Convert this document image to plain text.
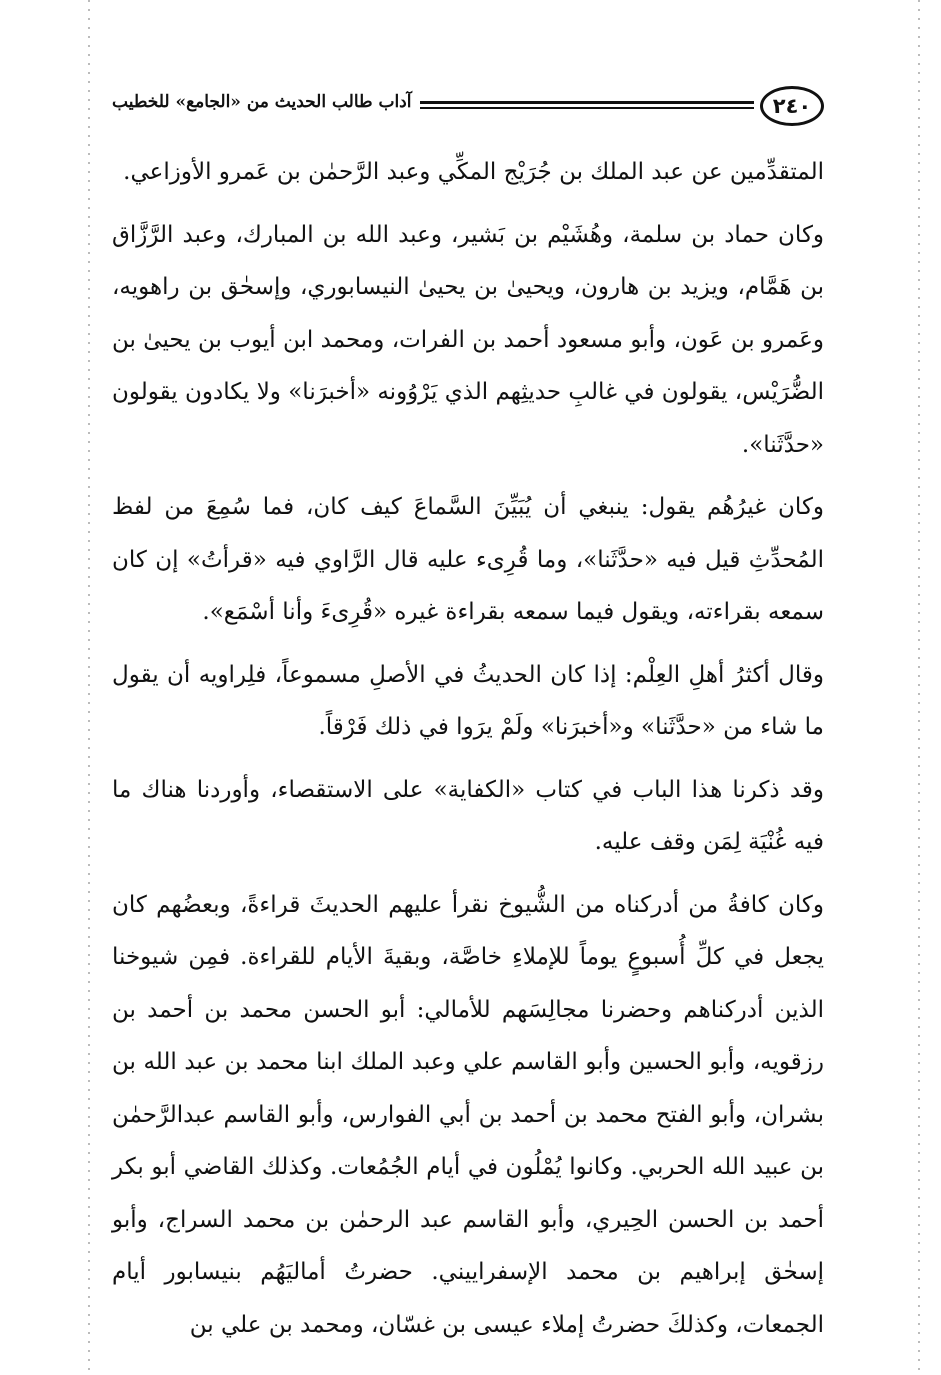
٢٤٠
آداب طالب الحديث من «الجامع» للخطيب

المتقدِّمين عن عبد الملك بن جُرَيْج المكِّي وعبد الرَّحمٰن بن عَمرو الأوزاعي.

وكان حماد بن سلمة، وهُشَيْم بن بَشير، وعبد الله بن المبارك، وعبد الرَّزَّاق بن هَمَّام، ويزيد بن هارون، ويحيىٰ بن يحيىٰ النيسابوري، وإسحٰق بن راهويه، وعَمرو بن عَون، وأبو مسعود أحمد بن الفرات، ومحمد ابن أيوب بن يحيىٰ بن الضُّرَيْس، يقولون في غالبِ حديثِهم الذي يَرْوُونه «أخبرَنا» ولا يكادون يقولون «حدَّثَنا».

وكان غيرُهُم يقول: ينبغي أن يُبَيِّنَ السَّماعَ كيف كان، فما سُمِعَ من لفظ المُحدِّثِ قيل فيه «حدَّثَنا»، وما قُرِىء عليه قال الرَّاوي فيه «قرأتُ» إن كان سمعه بقراءته، ويقول فيما سمعه بقراءة غيره «قُرِىءَ وأنا أسْمَع».

وقال أكثرُ أهلِ العِلْم: إذا كان الحديثُ في الأصلِ مسموعاً، فلِراويه أن يقول ما شاء من «حدَّثَنا» و«أخبرَنا» ولَمْ يرَوا في ذلك فَرْقاً.

وقد ذكرنا هذا الباب في كتاب «الكفاية» على الاستقصاء، وأوردنا هناك ما فيه غُنْيَة لِمَن وقف عليه.

وكان كافةُ من أدركناه من الشُّيوخ نقرأ عليهم الحديثَ قراءةً، وبعضُهم كان يجعل في كلِّ أُسبوعٍ يوماً للإملاءِ خاصَّة، وبقيةَ الأيام للقراءة. فمِن شيوخنا الذين أدركناهم وحضرنا مجالِسَهم للأمالي: أبو الحسن محمد بن أحمد بن رزقويه، وأبو الحسين وأبو القاسم علي وعبد الملك ابنا محمد بن عبد الله بن بشران، وأبو الفتح محمد بن أحمد بن أبي الفوارس، وأبو القاسم عبدالرَّحمٰن بن عبيد الله الحربي. وكانوا يُمْلُون في أيام الجُمُعات. وكذلك القاضي أبو بكر أحمد بن الحسن الحِيري، وأبو القاسم عبد الرحمٰن بن محمد السراج، وأبو إسحٰق إبراهيم بن محمد الإسفراييني. حضرتُ أماليَهُم بنيسابور أيام الجمعات، وكذلكَ حضرتُ إملاء عيسى بن غسّان، ومحمد بن علي بن
